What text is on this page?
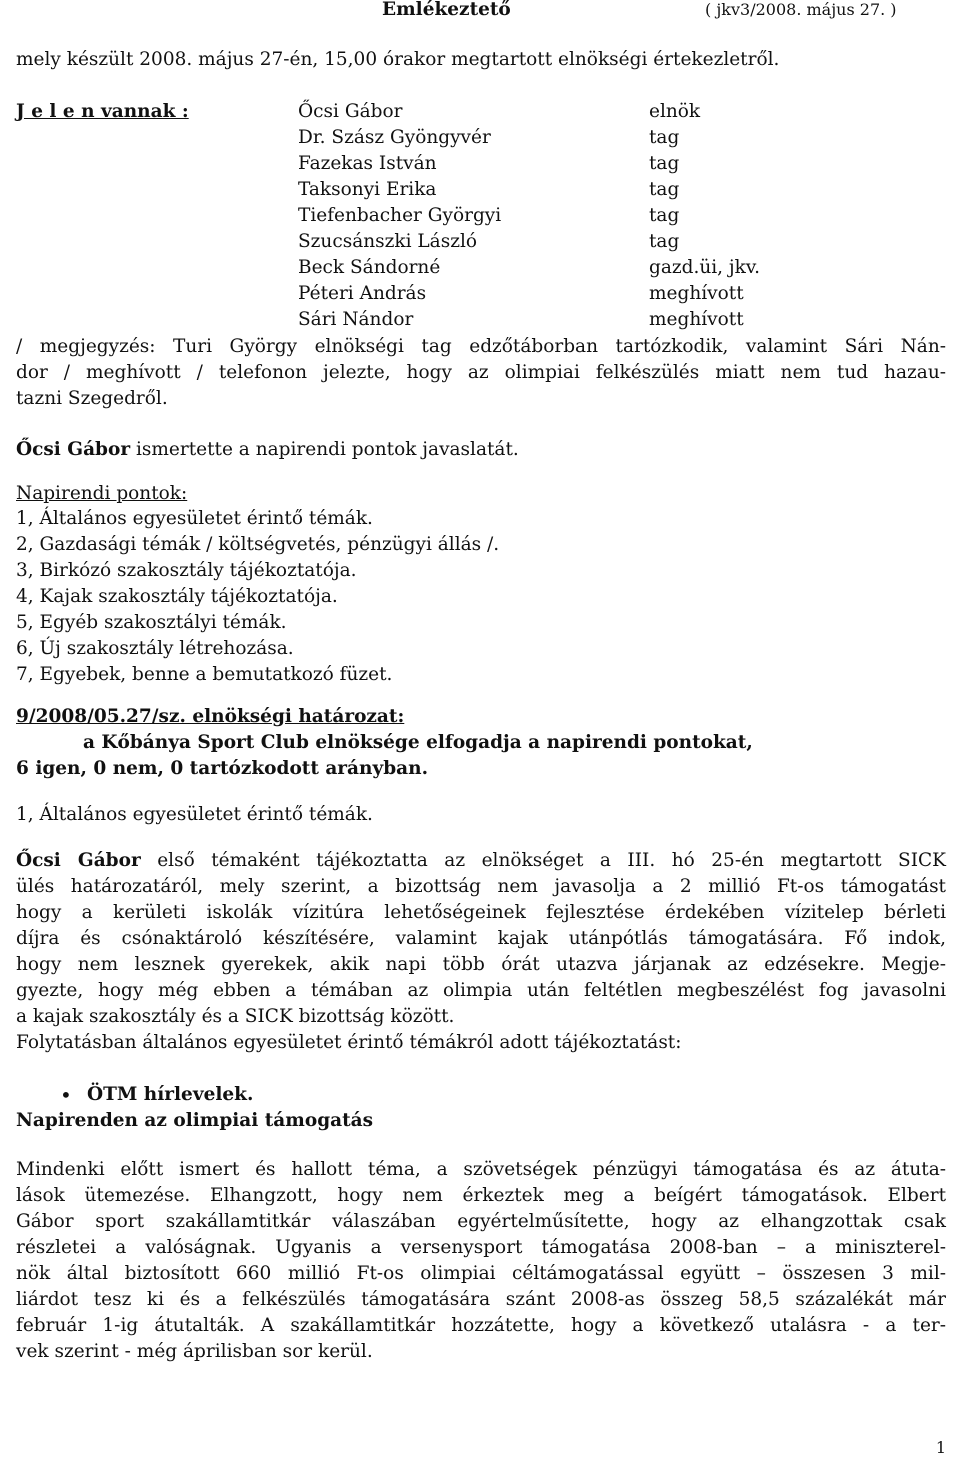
Emlékeztető	( jkv3/2008. május 27. )
mely készült 2008. május 27-én, 15,00 órakor megtartott elnökségi értekezletről.
J e l e n vannak :	Őcsi Gábor	elnök
Dr. Szász Gyöngyvér	tag
Fazekas István	tag
Taksonyi Erika	tag
Tiefenbacher Györgyi	tag
Szucsánszki László	tag
Beck Sándorné	gazd.üi, jkv.
Péteri András	meghívott
Sári Nándor	meghívott
/ megjegyzés: Turi György elnökségi tag edzőtáborban tartózkodik, valamint Sári Nán-
dor / meghívott / telefonon jelezte, hogy az olimpiai felkészülés miatt nem tud hazau-
tazni Szegedről.
Őcsi Gábor ismertette a napirendi pontok javaslatát.
Napirendi pontok:
1, Általános egyesületet érintő témák.
2, Gazdasági témák / költségvetés, pénzügyi állás /.
3, Birkózó szakosztály tájékoztatója.
4, Kajak szakosztály tájékoztatója.
5, Egyéb szakosztályi témák.
6, Új szakosztály létrehozása.
7, Egyebek, benne a bemutatkozó füzet.
9/2008/05.27/sz. elnökségi határozat:
a Kőbánya Sport Club elnöksége elfogadja a napirendi pontokat,
6 igen, 0 nem, 0 tartózkodott arányban.
1, Általános egyesületet érintő témák.
Őcsi Gábor első témaként tájékoztatta az elnökséget a III. hó 25-én megtartott SICK
ülés határozatáról, mely szerint, a bizottság nem javasolja a 2 millió Ft-os támogatást
hogy a kerületi iskolák vízitúra lehetőségeinek fejlesztése érdekében vízitelep bérleti
díjra és csónaktároló készítésére, valamint kajak utánpótlás támogatására. Fő indok,
hogy nem lesznek gyerekek, akik napi több órát utazva járjanak az edzésekre. Megje-
gyezte, hogy még ebben a témában az olimpia után feltétlen megbeszélést fog javasolni
a kajak szakosztály és a SICK bizottság között.
Folytatásban általános egyesületet érintő témákról adott tájékoztatást:
• ÖTM hírlevelek.
Napirenden az olimpiai támogatás
Mindenki előtt ismert és hallott téma, a szövetségek pénzügyi támogatása és az átuta-
lások ütemezése. Elhangzott, hogy nem érkeztek meg a beígért támogatások. Elbert
Gábor sport szakállamtitkár válaszában egyértelműsítette, hogy az elhangzottak csak
részletei a valóságnak. Ugyanis a versenysport támogatása 2008-ban – a miniszterel-
nök által biztosított 660 millió Ft-os olimpiai céltámogatással együtt – összesen 3 mil-
liárdot tesz ki és a felkészülés támogatására szánt 2008-as összeg 58,5 százalékát már
február 1-ig átutalták. A szakállamtitkár hozzátette, hogy a következő utalásra - a ter-
vek szerint - még áprilisban sor kerül.
1
